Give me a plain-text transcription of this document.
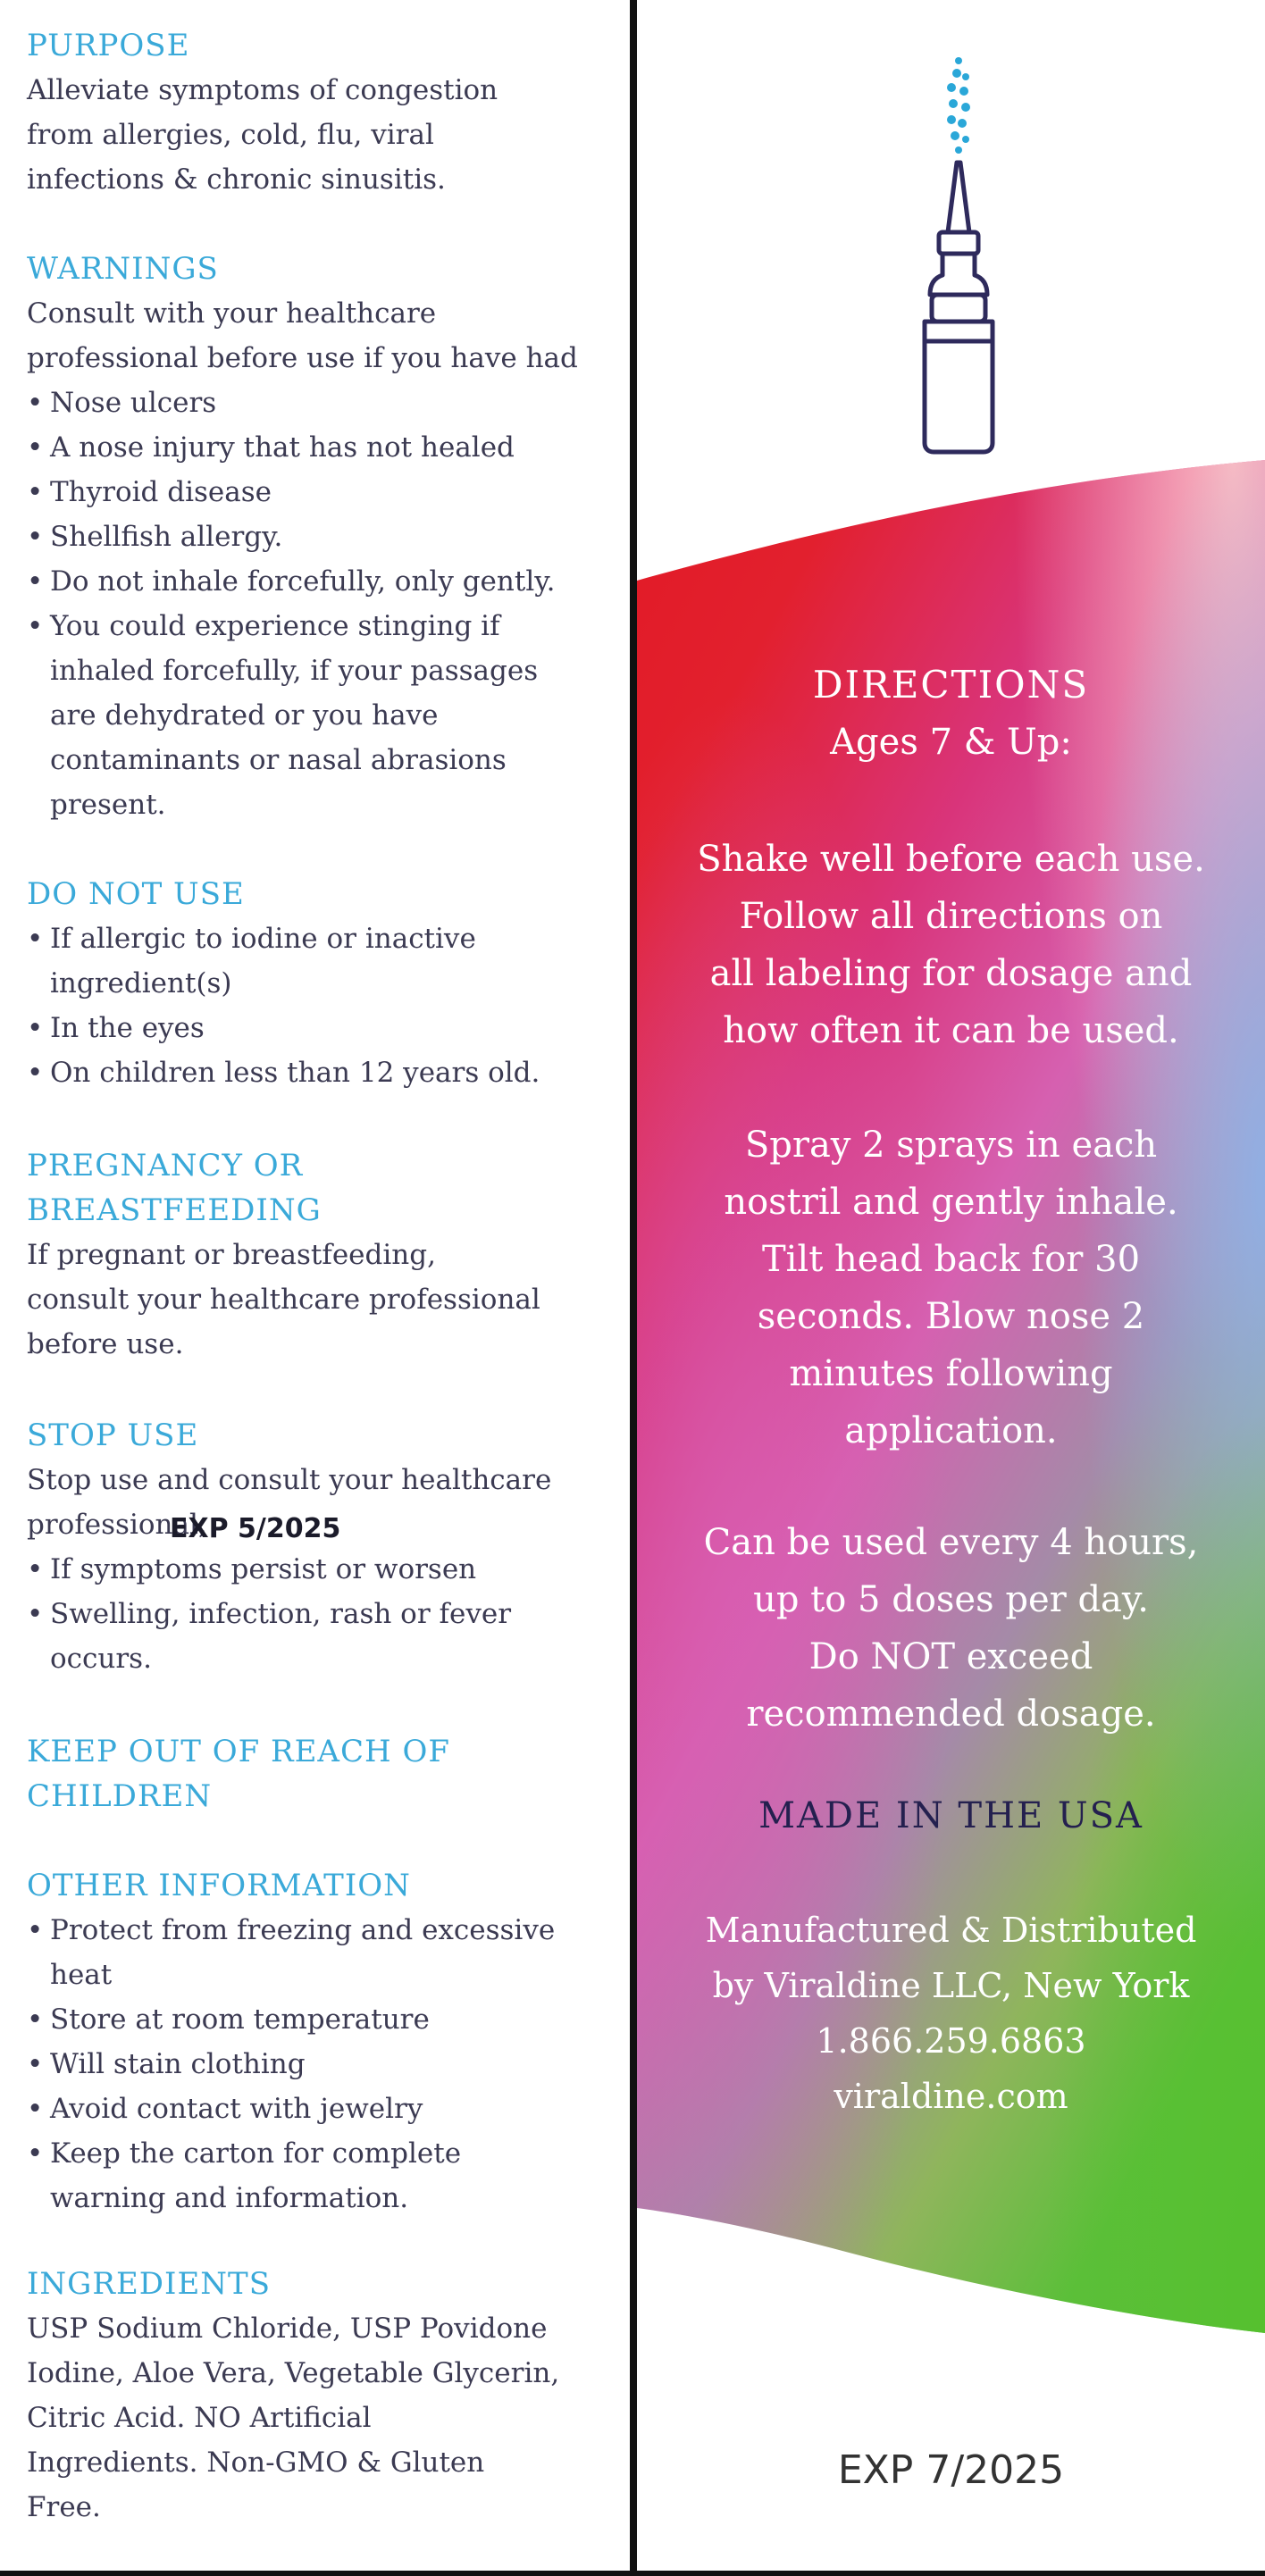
PURPOSE
Alleviate symptoms of congestion
from allergies, cold, flu, viral
infections & chronic sinusitis.
WARNINGS
Consult with your healthcare
professional before use if you have had
• Nose ulcers
• A nose injury that has not healed
• Thyroid disease
• Shellfish allergy.
• Do not inhale forcefully, only gently.
• You could experience stinging if
inhaled forcefully, if your passages
are dehydrated or you have
contaminants or nasal abrasions
present.
DO NOT USE
• If allergic to iodine or inactive
ingredient(s)
• In the eyes
• On children less than 12 years old.
PREGNANCY OR
BREASTFEEDING
If pregnant or breastfeeding,
consult your healthcare professional
before use.
STOP USE
Stop use and consult your healthcare
professional,
• If symptoms persist or worsen
• Swelling, infection, rash or fever
occurs.
KEEP OUT OF REACH OF
CHILDREN
OTHER INFORMATION
• Protect from freezing and excessive
heat
• Store at room temperature
• Will stain clothing
• Avoid contact with jewelry
• Keep the carton for complete
warning and information.
INGREDIENTS
USP Sodium Chloride, USP Povidone
Iodine, Aloe Vera, Vegetable Glycerin,
Citric Acid. NO Artificial
Ingredients. Non-GMO & Gluten
Free.
EXP 5/2025
DIRECTIONS
Ages 7 & Up:
Shake well before each use.
Follow all directions on
all labeling for dosage and
how often it can be used.
Spray 2 sprays in each
nostril and gently inhale.
Tilt head back for 30
seconds. Blow nose 2
minutes following
application.
Can be used every 4 hours,
up to 5 doses per day.
Do NOT exceed
recommended dosage.
MADE IN THE USA
Manufactured & Distributed
by Viraldine LLC, New York
1.866.259.6863
viraldine.com
EXP 7/2025
